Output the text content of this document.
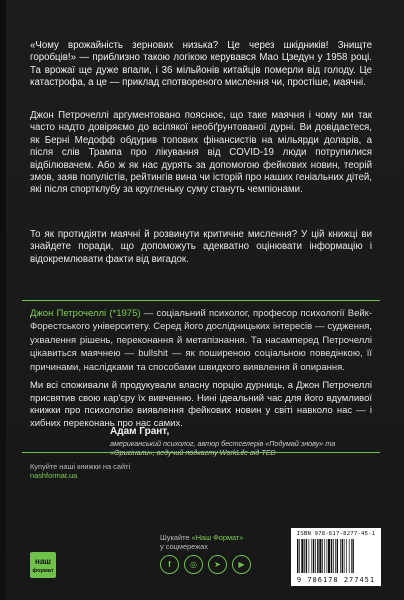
«Чому врожайність зернових низька? Це через шкідників! Знищте горобців!» — приблизно такою логікою керувався Мао Цзедун у 1958 році. Та врожаї ще дуже впали, і 36 мільйонів китайців померли від голоду. Це катастрофа, а це — приклад спотвореного мислення чи, простіше, маячні.

Джон Петрочеллі аргументовано пояснює, що таке маячня і чому ми так часто надто довіряємо до всілякої необґрунтованої дурні. Ви довідаєтеся, як Берні Медофф обдурив топових фінансистів на мільярди доларів, а після слів Трампа про лікування від COVID-19 люди потрупилися відбілювачем. Або ж як нас дурять за допомогою фейкових новин, теорій змов, заяв популістів, рейтингів вина чи історій про наших геніальних дітей, які після спортклубу за кругленьку суму стануть чемпіонами.

То як протидіяти маячні й розвинути критичне мислення? У цій книжці ви знайдете поради, що допоможуть адекватно оцінювати інформацію і відокремлювати факти від вигадок.

Джон Петрочеллі (*1975) — соціальний психолог, професор психології Вейк-Форестського університету. Серед його дослідницьких інтересів — судження, ухвалення рішень, переконання й метапізнання. Та насамперед Петрочеллі цікавиться маячнею — bullshit — як поширеною соціальною поведінкою, її причинами, наслідками та способами швидкого виявлення й опирання.

Ми всі споживали й продукували власну порцію дурниць, а Джон Петрочеллі присвятив свою кар'єру їх вивченню. Нині ідеальний час для його вдумливої книжки про психологію виявлення фейкових новин у світі навколо нас — і хибних переконань про нас самих.

Адам Грант,
американський психолог, автор бестселерів «Подумай знову» та
Купуйте наші книжки на сайті
nashformat.ua
наш
формат
Шукайте «Наш Формат»
у соцмережах
f	◎	➤	▶
ISBN 978-617-8277-45-1
9 786178 277451
